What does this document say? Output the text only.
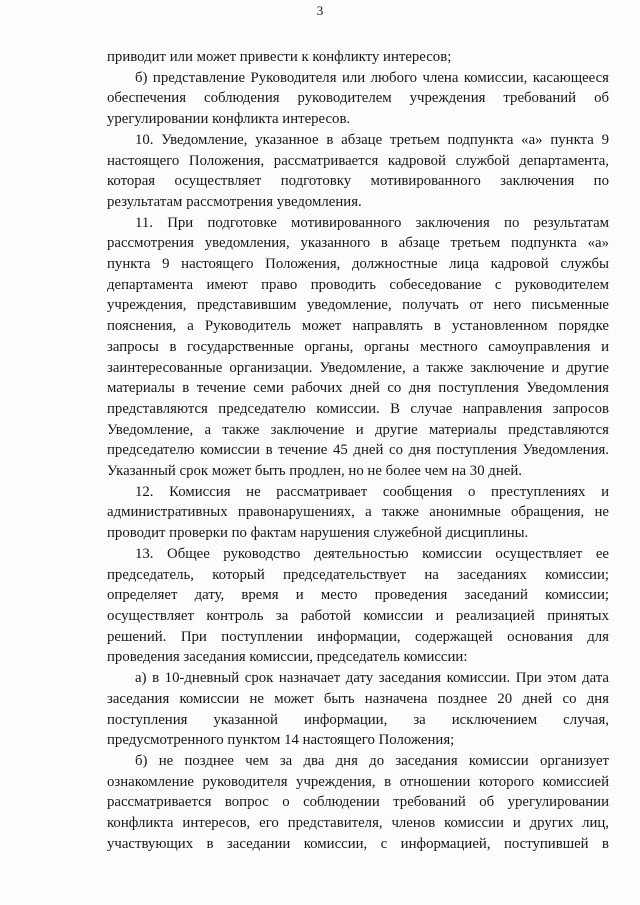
3
приводит или может привести к конфликту интересов;
б) представление Руководителя или любого члена комиссии, касающееся
обеспечения соблюдения руководителем учреждения требований об
урегулировании конфликта интересов.
10. Уведомление, указанное в абзаце третьем подпункта «а» пункта 9
настоящего Положения, рассматривается кадровой службой департамента,
которая осуществляет подготовку мотивированного заключения по
результатам рассмотрения уведомления.
11. При подготовке мотивированного заключения по результатам
рассмотрения уведомления, указанного в абзаце третьем подпункта «а»
пункта 9 настоящего Положения, должностные лица кадровой службы
департамента имеют право проводить собеседование с руководителем
учреждения, представившим уведомление, получать от него письменные
пояснения, а Руководитель может направлять в установленном порядке
запросы в государственные органы, органы местного самоуправления и
заинтересованные организации. Уведомление, а также заключение и другие
материалы в течение семи рабочих дней со дня поступления Уведомления
представляются председателю комиссии. В случае направления запросов
Уведомление, а также заключение и другие материалы представляются
председателю комиссии в течение 45 дней со дня поступления Уведомления.
Указанный срок может быть продлен, но не более чем на 30 дней.
12. Комиссия не рассматривает сообщения о преступлениях и
административных правонарушениях, а также анонимные обращения, не
проводит проверки по фактам нарушения служебной дисциплины.
13. Общее руководство деятельностью комиссии осуществляет ее
председатель, который председательствует на заседаниях комиссии;
определяет дату, время и место проведения заседаний комиссии;
осуществляет контроль за работой комиссии и реализацией принятых
решений. При поступлении информации, содержащей основания для
проведения заседания комиссии, председатель комиссии:
а) в 10-дневный срок назначает дату заседания комиссии. При этом дата
заседания комиссии не может быть назначена позднее 20 дней со дня
поступления указанной информации, за исключением случая,
предусмотренного пунктом 14 настоящего Положения;
б) не позднее чем за два дня до заседания комиссии организует
ознакомление руководителя учреждения, в отношении которого комиссией
рассматривается вопрос о соблюдении требований об урегулировании
конфликта интересов, его представителя, членов комиссии и других лиц,
участвующих в заседании комиссии, с информацией, поступившей в
